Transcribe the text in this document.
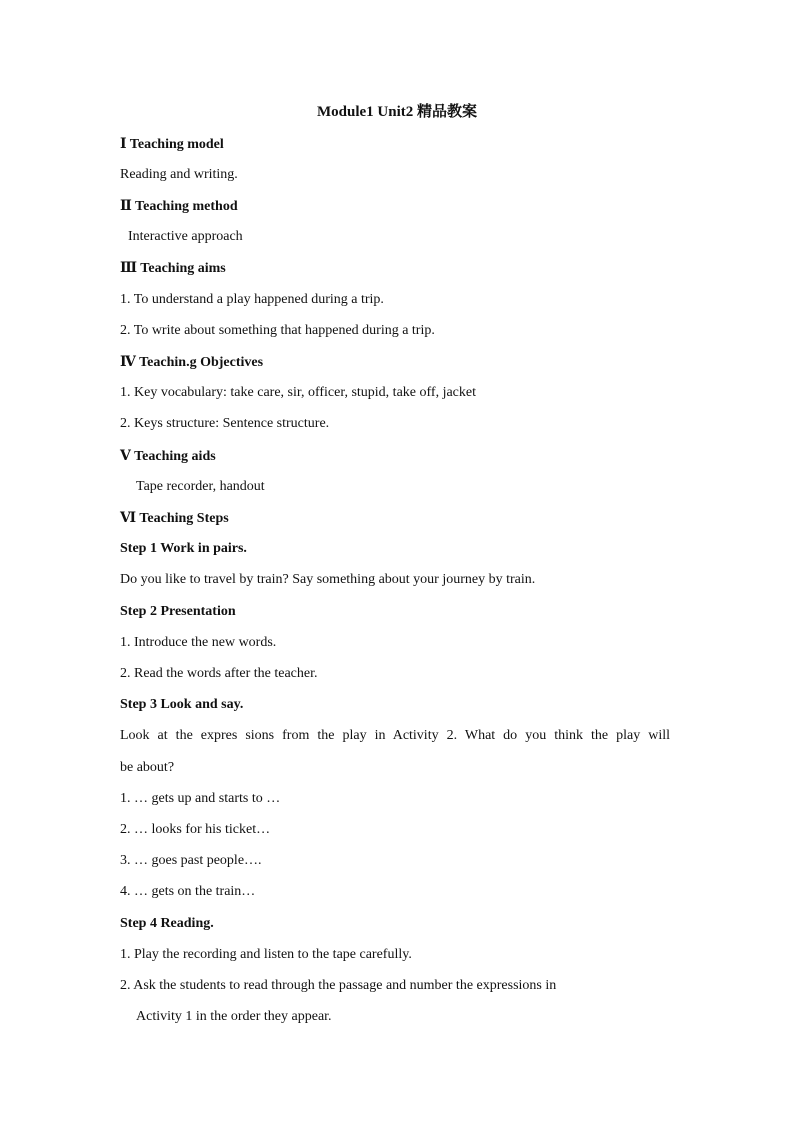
Module1 Unit2 精品教案
Ⅰ Teaching model
Reading and writing.
Ⅱ Teaching method
Interactive approach
Ⅲ Teaching aims
1. To understand a play happened during a trip.
2. To write about something that happened during a trip.
Ⅳ Teachin.g Objectives
1. Key vocabulary: take care, sir, officer, stupid, take off, jacket
2. Keys structure: Sentence structure.
Ⅴ Teaching aids
Tape recorder, handout
Ⅵ Teaching Steps
Step 1 Work in pairs.
Do you like to travel by train? Say something about your journey by train.
Step 2 Presentation
1. Introduce the new words.
2. Read the words after the teacher.
Step 3 Look and say.
Look at the expres sions from the play in Activity 2. What do you think the play will
be about?
1. … gets up and starts to …
2. … looks for his ticket…
3. … goes past people….
4. … gets on the train…
Step 4 Reading.
1. Play the recording and listen to the tape carefully.
2. Ask the students to read through the passage and number the expressions in
Activity 1 in the order they appear.
